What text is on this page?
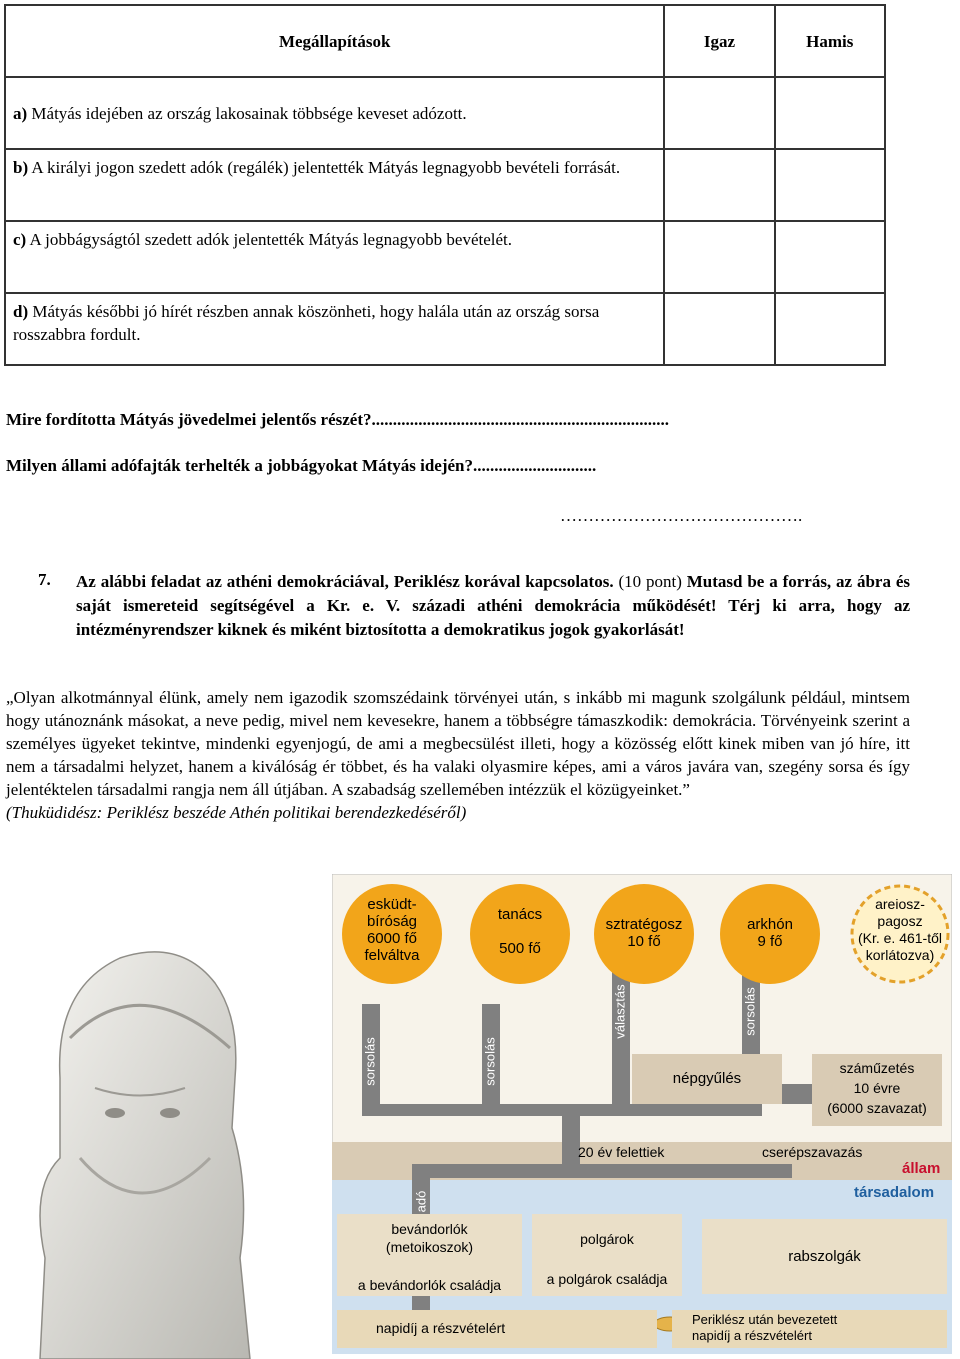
Megállapítások	Igaz	Hamis
a) Mátyás idejében az ország lakosainak többsége keveset adózott.		
b) A királyi jogon szedett adók (regálék) jelentették Mátyás legnagyobb bevételi forrását.		
c) A jobbágyságtól szedett adók jelentették Mátyás legnagyobb bevételét.		
d) Mátyás későbbi jó hírét részben annak köszönheti, hogy halála után az ország sorsa rosszabbra fordult.		
Mire fordította Mátyás jövedelmei jelentős részét?......................................................................
Milyen állami adófajták terhelték a jobbágyokat Mátyás idején?.............................
…………………………………….
7. Az alábbi feladat az athéni demokráciával, Periklész korával kapcsolatos. (10 pont) Mutasd be a forrás, az ábra és saját ismereteid segítségével a Kr. e. V. századi athéni demokrácia működését! Térj ki arra, hogy az intézményrendszer kiknek és miként biztosította a demokratikus jogok gyakorlását!
„Olyan alkotmánnyal élünk, amely nem igazodik szomszédaink törvényei után, s inkább mi magunk szolgálunk például, mintsem hogy utánoznánk másokat, a neve pedig, mivel nem kevesekre, hanem a többségre támaszkodik: demokrácia. Törvényeink szerint a személyes ügyeket tekintve, mindenki egyenjogú, de ami a megbecsülést illeti, hogy a közösség előtt kinek miben van jó híre, itt nem a társadalmi helyzet, hanem a kiválóság ér többet, és ha valaki olyasmire képes, ami a város javára van, szegény sorsa és így jelentéktelen társadalmi rangja nem áll útjában. A szabadság szellemében intézzük el közügyeinket.”
(Thuküdidész: Periklész beszéde Athén politikai berendezkedéséről)
esküdt-
bíróság
6000 fő
felváltva
tanács
500 fő
sztratégosz
10 fő
arkhón
9 fő
areiosz-
pagosz
(Kr. e. 461-től
korlátozva)
sorsolás	sorsolás
választás	sorsolás
adó
népgyűlés
száműzetés
10 évre
(6000 szavazat)
20 év felettiek	cserépszavazás
állam
társadalom
bevándorlók
(metoikoszok)
a bevándorlók családja
polgárok
a polgárok családja
rabszolgák
napidíj a részvételért
Periklész után bevezetett
napidíj a részvételért
